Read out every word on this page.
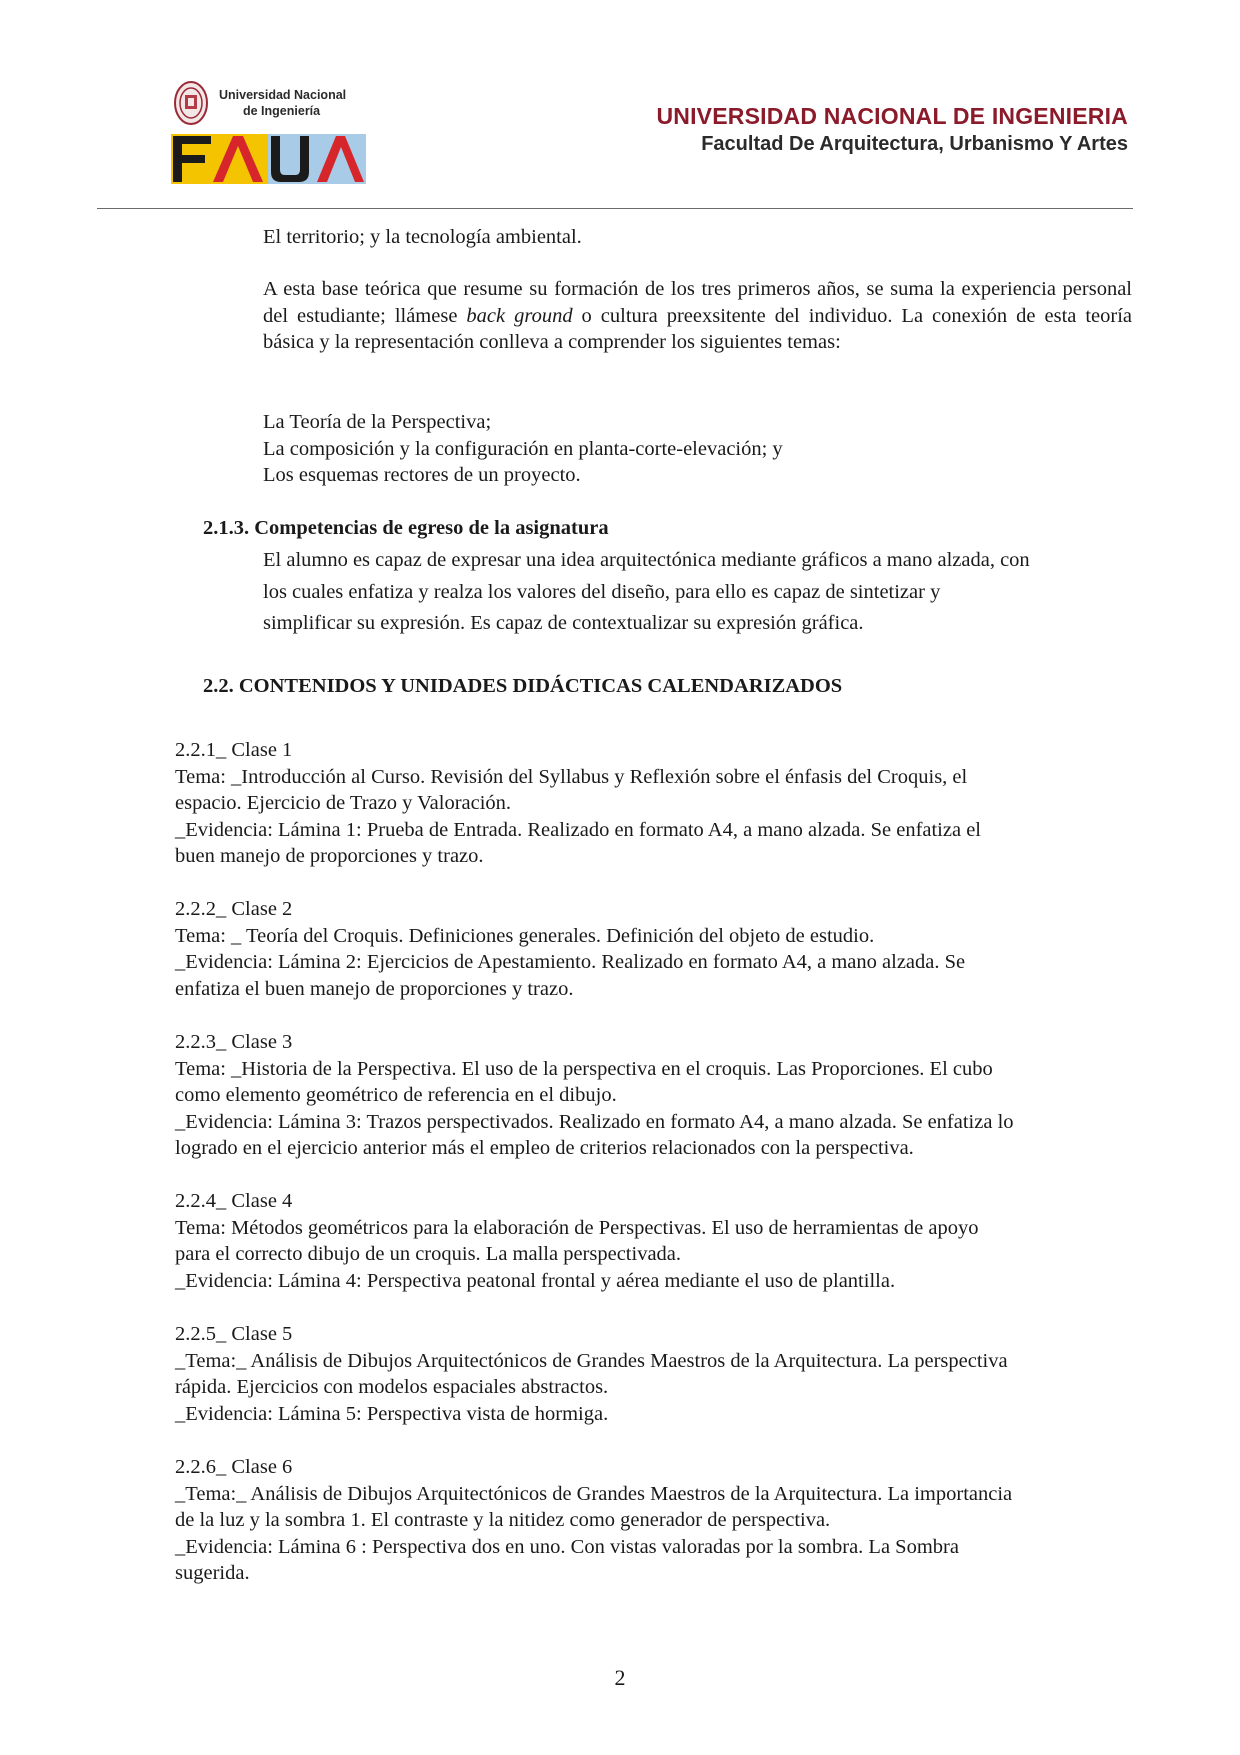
Universidad Nacional
de Ingeniería	UNIVERSIDAD NACIONAL DE INGENIERIA
Facultad De Arquitectura, Urbanismo Y Artes
El territorio; y la tecnología ambiental.
A esta base teórica que resume su formación de los tres primeros años, se suma la experiencia personal del estudiante; llámese back ground o cultura preexsitente del individuo. La conexión de esta teoría básica y la representación conlleva a comprender los siguientes temas:
La Teoría de la Perspectiva;
La composición y la configuración en planta-corte-elevación; y
Los esquemas rectores de un proyecto.
2.1.3. Competencias de egreso de la asignatura
El alumno es capaz de expresar una idea arquitectónica mediante gráficos a mano alzada, con
los cuales enfatiza y realza los valores del diseño, para ello es capaz de sintetizar y
simplificar su expresión. Es capaz de contextualizar su expresión gráfica.
2.2. CONTENIDOS Y UNIDADES DIDÁCTICAS CALENDARIZADOS
2.2.1_ Clase 1
Tema: _Introducción al Curso. Revisión del Syllabus y Reflexión sobre el énfasis del Croquis, el
espacio. Ejercicio de Trazo y Valoración.
_Evidencia: Lámina 1: Prueba de Entrada. Realizado en formato A4, a mano alzada. Se enfatiza el
buen manejo de proporciones y trazo.
2.2.2_ Clase 2
Tema: _ Teoría del Croquis. Definiciones generales. Definición del objeto de estudio.
_Evidencia: Lámina 2: Ejercicios de Apestamiento. Realizado en formato A4, a mano alzada. Se
enfatiza el buen manejo de proporciones y trazo.
2.2.3_ Clase 3
Tema: _Historia de la Perspectiva. El uso de la perspectiva en el croquis. Las Proporciones. El cubo
como elemento geométrico de referencia en el dibujo.
_Evidencia: Lámina 3: Trazos perspectivados. Realizado en formato A4, a mano alzada. Se enfatiza lo
logrado en el ejercicio anterior más el empleo de criterios relacionados con la perspectiva.
2.2.4_ Clase 4
Tema: Métodos geométricos para la elaboración de Perspectivas. El uso de herramientas de apoyo
para el correcto dibujo de un croquis. La malla perspectivada.
_Evidencia: Lámina 4: Perspectiva peatonal frontal y aérea mediante el uso de plantilla.
2.2.5_ Clase 5
_Tema:_ Análisis de Dibujos Arquitectónicos de Grandes Maestros de la Arquitectura. La perspectiva
rápida. Ejercicios con modelos espaciales abstractos.
_Evidencia: Lámina 5: Perspectiva vista de hormiga.
2.2.6_ Clase 6
_Tema:_ Análisis de Dibujos Arquitectónicos de Grandes Maestros de la Arquitectura. La importancia
de la luz y la sombra 1. El contraste y la nitidez como generador de perspectiva.
_Evidencia: Lámina 6 : Perspectiva dos en uno. Con vistas valoradas por la sombra. La Sombra
sugerida.
2
